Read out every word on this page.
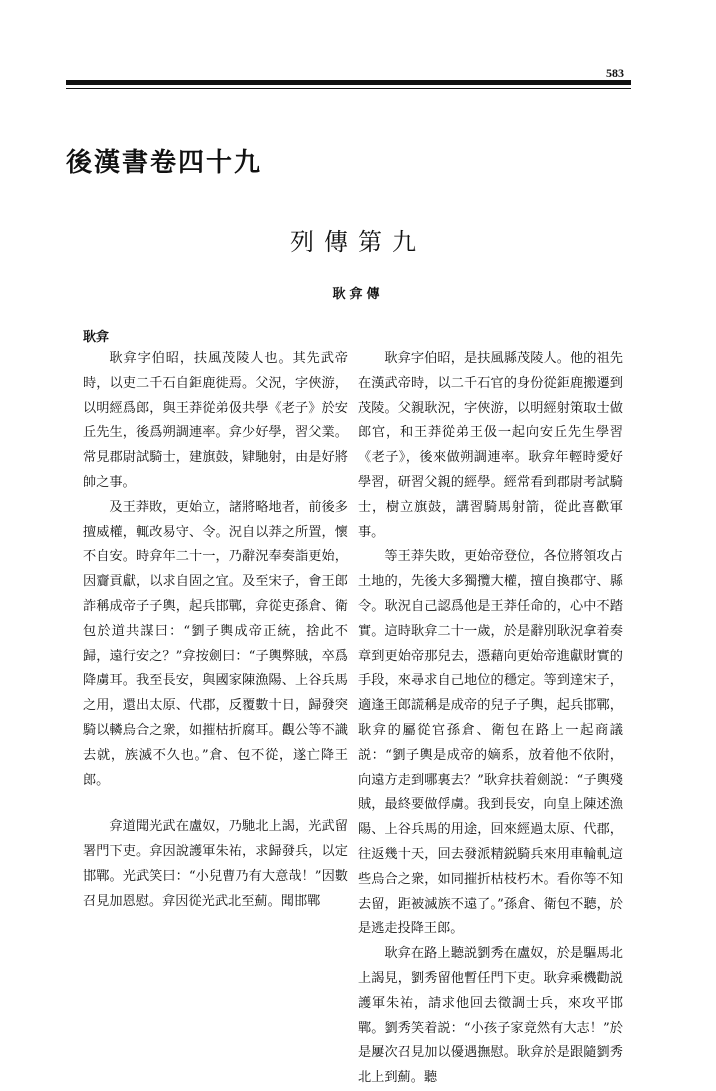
583
後漢書卷四十九
列傳第九
耿弇傳
耿弇

耿弇字伯昭，扶風茂陵人也。其先武帝時，以吏二千石自鉅鹿徙焉。父況，字俠游，以明經爲郎，與王莽從弟伋共學《老子》於安丘先生，後爲朔調連率。弇少好學，習父業。常見郡尉試騎士，建旗鼓，肄馳射，由是好將帥之事。

及王莽敗，更始立，諸將略地者，前後多擅威權，輒改易守、令。況自以莽之所置，懷不自安。時弇年二十一，乃辭況奉奏詣更始，因齎貢獻，以求自固之宜。及至宋子，會王郎詐稱成帝子子輿，起兵邯鄲，弇從吏孫倉、衛包於道共謀曰：“劉子輿成帝正統，捨此不歸，遠行安之？”弇按劍曰：“子輿弊賊，卒爲降虜耳。我至長安，與國家陳漁陽、上谷兵馬之用，還出太原、代郡，反覆數十日，歸發突騎以轔烏合之衆，如摧枯折腐耳。觀公等不識去就，族滅不久也。”倉、包不從，遂亡降王郎。

弇道聞光武在盧奴，乃馳北上謁，光武留署門下吏。弇因說護軍朱祐，求歸發兵，以定邯鄲。光武笑曰：“小兒曹乃有大意哉！”因數召見加恩慰。弇因從光武北至薊。聞邯鄲

耿弇字伯昭，是扶風縣茂陵人。他的祖先在漢武帝時，以二千石官的身份從鉅鹿搬遷到茂陵。父親耿況，字俠游，以明經射策取士做郎官，和王莽從弟王伋一起向安丘先生學習《老子》，後來做朔調連率。耿弇年輕時愛好學習，研習父親的經學。經常看到郡尉考試騎士，樹立旗鼓，講習騎馬射箭，從此喜歡軍事。

等王莽失敗，更始帝登位，各位將領攻占土地的，先後大多獨攬大權，擅自換郡守、縣令。耿況自己認爲他是王莽任命的，心中不踏實。這時耿弇二十一歲，於是辭別耿況拿着奏章到更始帝那兒去，憑藉向更始帝進獻財實的手段，來尋求自己地位的穩定。等到達宋子，適逢王郎謊稱是成帝的兒子子輿，起兵邯鄲，耿弇的屬從官孫倉、衛包在路上一起商議説：“劉子輿是成帝的嫡系，放着他不依附，向遠方走到哪裏去？”耿弇扶着劍説：“子輿殘賊，最終要做俘虜。我到長安，向皇上陳述漁陽、上谷兵馬的用途，回來經過太原、代郡，往返幾十天，回去發派精鋭騎兵來用車輪軋這些烏合之衆，如同摧折枯枝朽木。看你等不知去留，距被滅族不遠了。”孫倉、衛包不聽，於是逃走投降王郎。

耿弇在路上聽説劉秀在盧奴，於是驅馬北上謁見，劉秀留他暫任門下吏。耿弇乘機勸説護軍朱祐，請求他回去徵調士兵，來攻平邯鄲。劉秀笑着説：“小孩子家竟然有大志！”於是屢次召見加以優遇撫慰。耿弇於是跟隨劉秀北上到薊。聽
